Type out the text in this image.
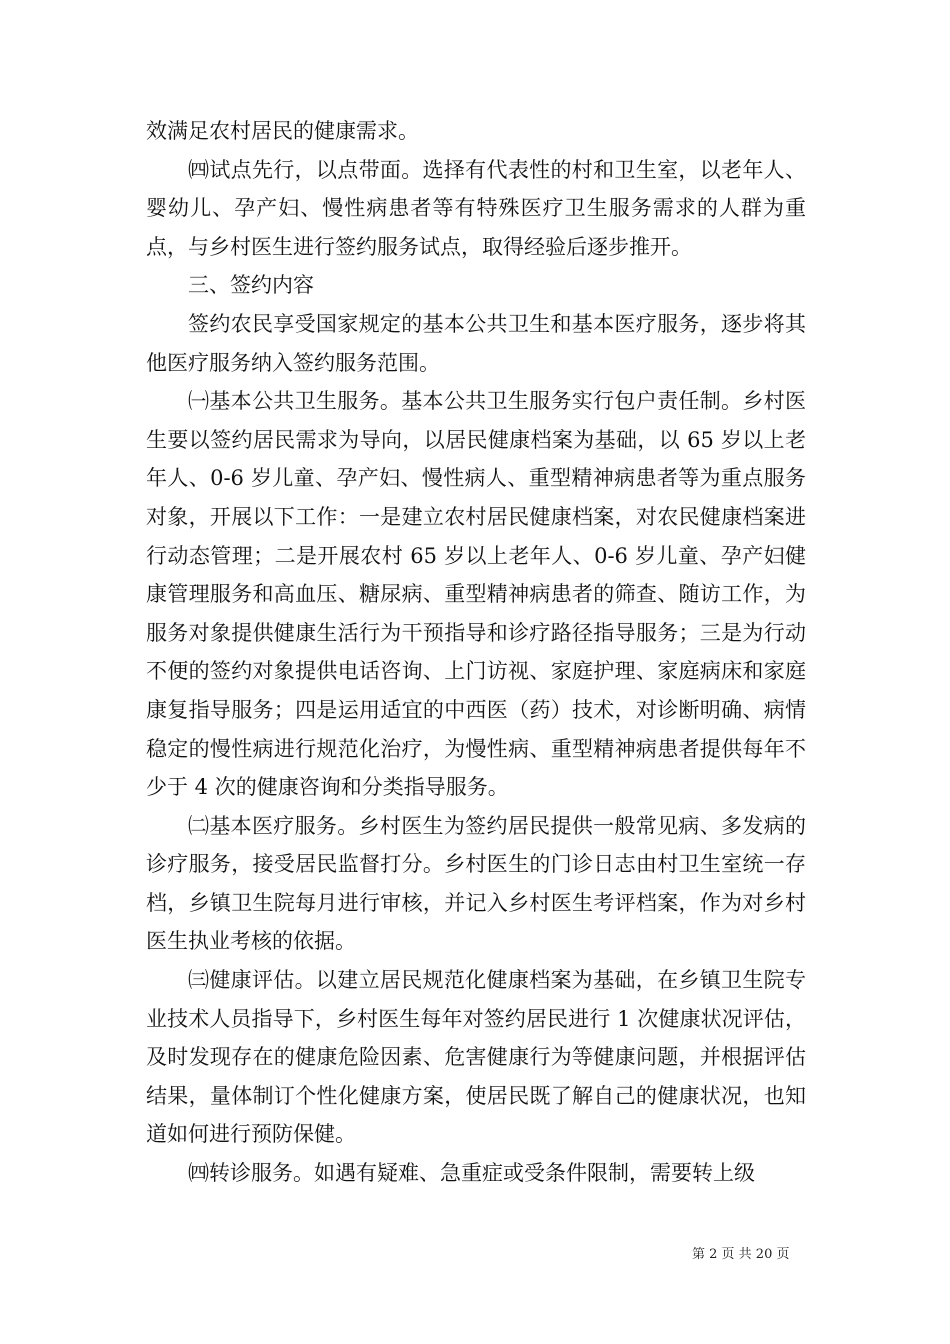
效满足农村居民的健康需求。

㈣试点先行，以点带面。选择有代表性的村和卫生室，以老年人、婴幼儿、孕产妇、慢性病患者等有特殊医疗卫生服务需求的人群为重点，与乡村医生进行签约服务试点，取得经验后逐步推开。

三、签约内容

签约农民享受国家规定的基本公共卫生和基本医疗服务，逐步将其他医疗服务纳入签约服务范围。

㈠基本公共卫生服务。基本公共卫生服务实行包户责任制。乡村医生要以签约居民需求为导向，以居民健康档案为基础，以 65 岁以上老年人、0-6 岁儿童、孕产妇、慢性病人、重型精神病患者等为重点服务对象，开展以下工作：一是建立农村居民健康档案，对农民健康档案进行动态管理；二是开展农村 65 岁以上老年人、0-6 岁儿童、孕产妇健康管理服务和高血压、糖尿病、重型精神病患者的筛查、随访工作，为服务对象提供健康生活行为干预指导和诊疗路径指导服务；三是为行动不便的签约对象提供电话咨询、上门访视、家庭护理、家庭病床和家庭康复指导服务；四是运用适宜的中西医（药）技术，对诊断明确、病情稳定的慢性病进行规范化治疗，为慢性病、重型精神病患者提供每年不少于 4 次的健康咨询和分类指导服务。

㈡基本医疗服务。乡村医生为签约居民提供一般常见病、多发病的诊疗服务，接受居民监督打分。乡村医生的门诊日志由村卫生室统一存档，乡镇卫生院每月进行审核，并记入乡村医生考评档案，作为对乡村医生执业考核的依据。

㈢健康评估。以建立居民规范化健康档案为基础，在乡镇卫生院专业技术人员指导下，乡村医生每年对签约居民进行 1 次健康状况评估，及时发现存在的健康危险因素、危害健康行为等健康问题，并根据评估结果，量体制订个性化健康方案，使居民既了解自己的健康状况，也知道如何进行预防保健。

㈣转诊服务。如遇有疑难、急重症或受条件限制，需要转上级

第 2 页 共 20 页
